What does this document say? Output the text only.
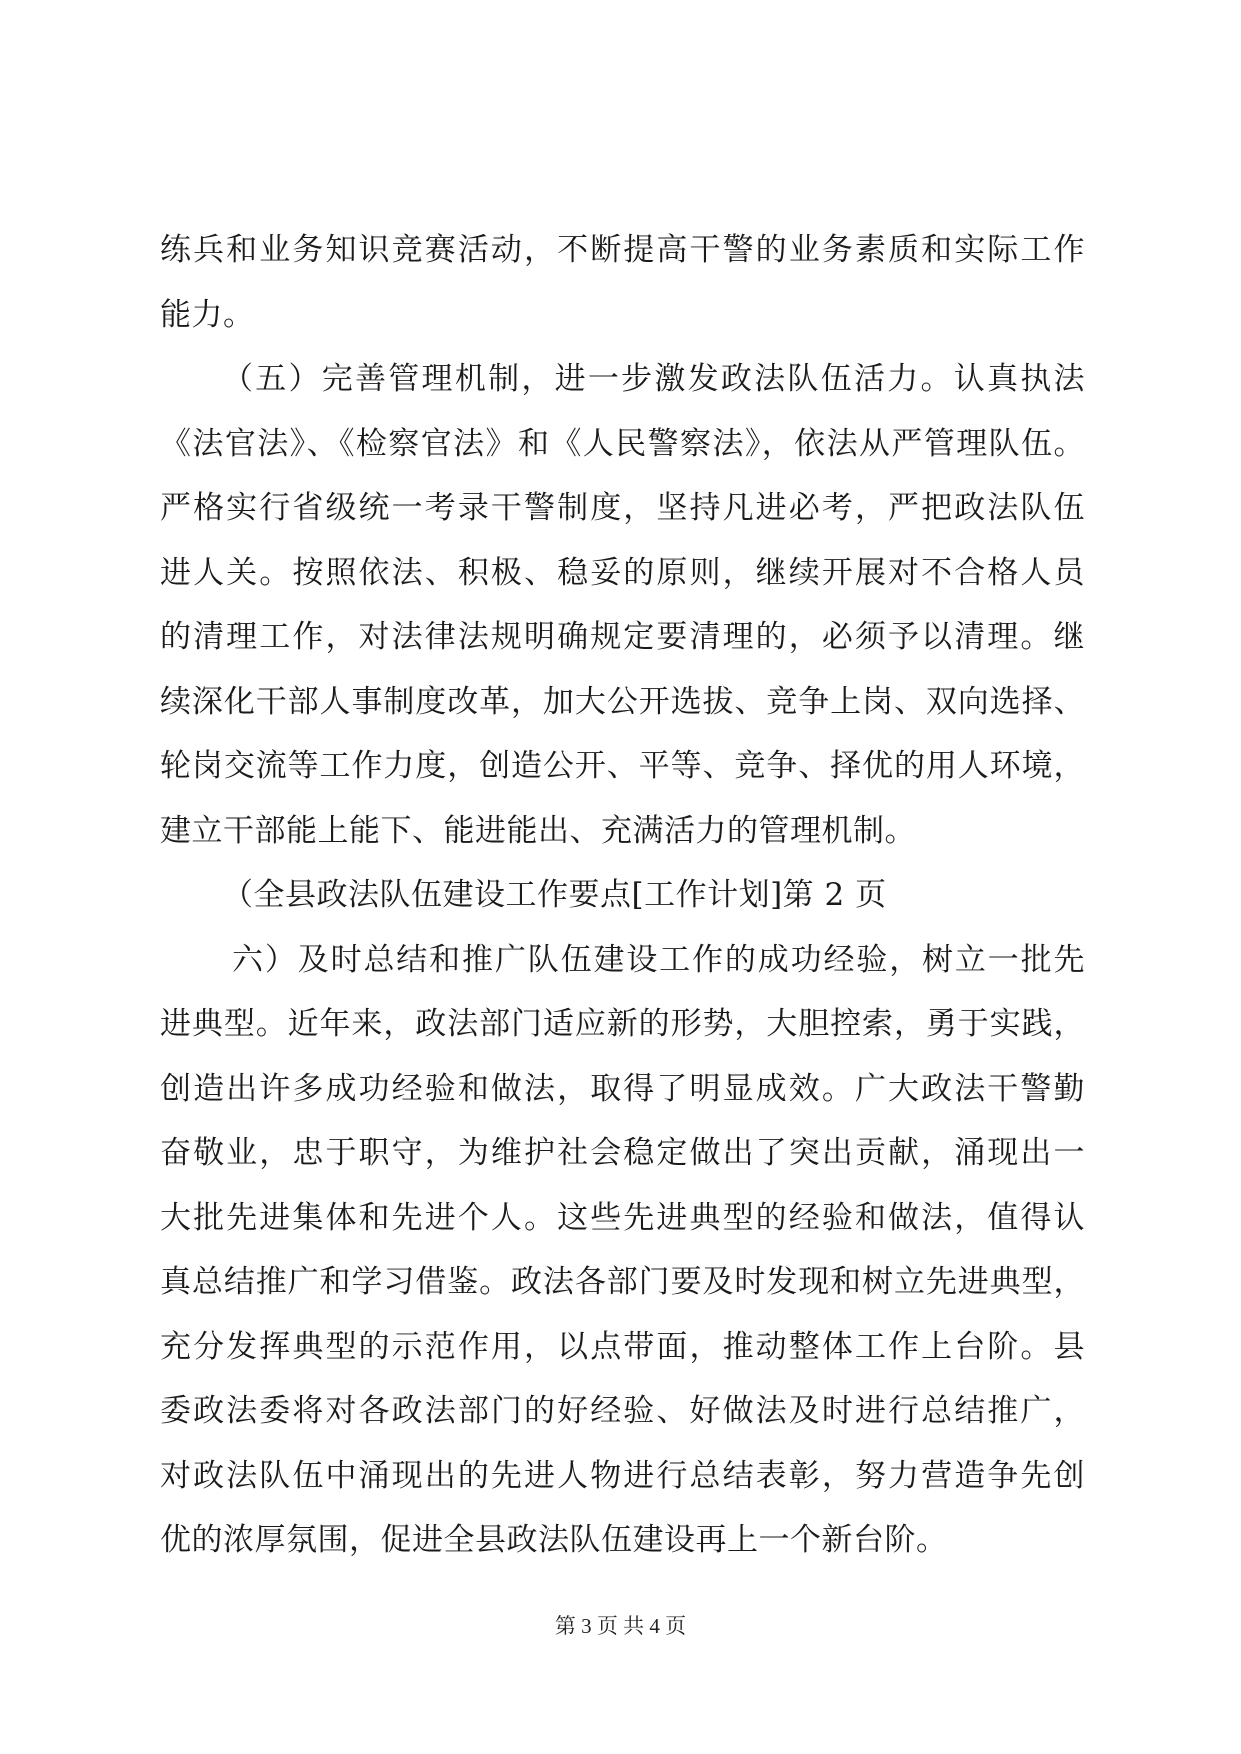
练兵和业务知识竞赛活动，不断提高干警的业务素质和实际工作
能力。
（五）完善管理机制，进一步激发政法队伍活力。认真执法
《法官法》、《检察官法》和《人民警察法》，依法从严管理队伍。
严格实行省级统一考录干警制度，坚持凡进必考，严把政法队伍
进人关。按照依法、积极、稳妥的原则，继续开展对不合格人员
的清理工作，对法律法规明确规定要清理的，必须予以清理。继
续深化干部人事制度改革，加大公开选拔、竞争上岗、双向选择、
轮岗交流等工作力度，创造公开、平等、竞争、择优的用人环境，
建立干部能上能下、能进能出、充满活力的管理机制。
（全县政法队伍建设工作要点[工作计划]第 2 页
六）及时总结和推广队伍建设工作的成功经验，树立一批先
进典型。近年来，政法部门适应新的形势，大胆控索，勇于实践，
创造出许多成功经验和做法，取得了明显成效。广大政法干警勤
奋敬业，忠于职守，为维护社会稳定做出了突出贡献，涌现出一
大批先进集体和先进个人。这些先进典型的经验和做法，值得认
真总结推广和学习借鉴。政法各部门要及时发现和树立先进典型，
充分发挥典型的示范作用，以点带面，推动整体工作上台阶。县
委政法委将对各政法部门的好经验、好做法及时进行总结推广，
对政法队伍中涌现出的先进人物进行总结表彰，努力营造争先创
优的浓厚氛围，促进全县政法队伍建设再上一个新台阶。
第 3 页 共 4 页
